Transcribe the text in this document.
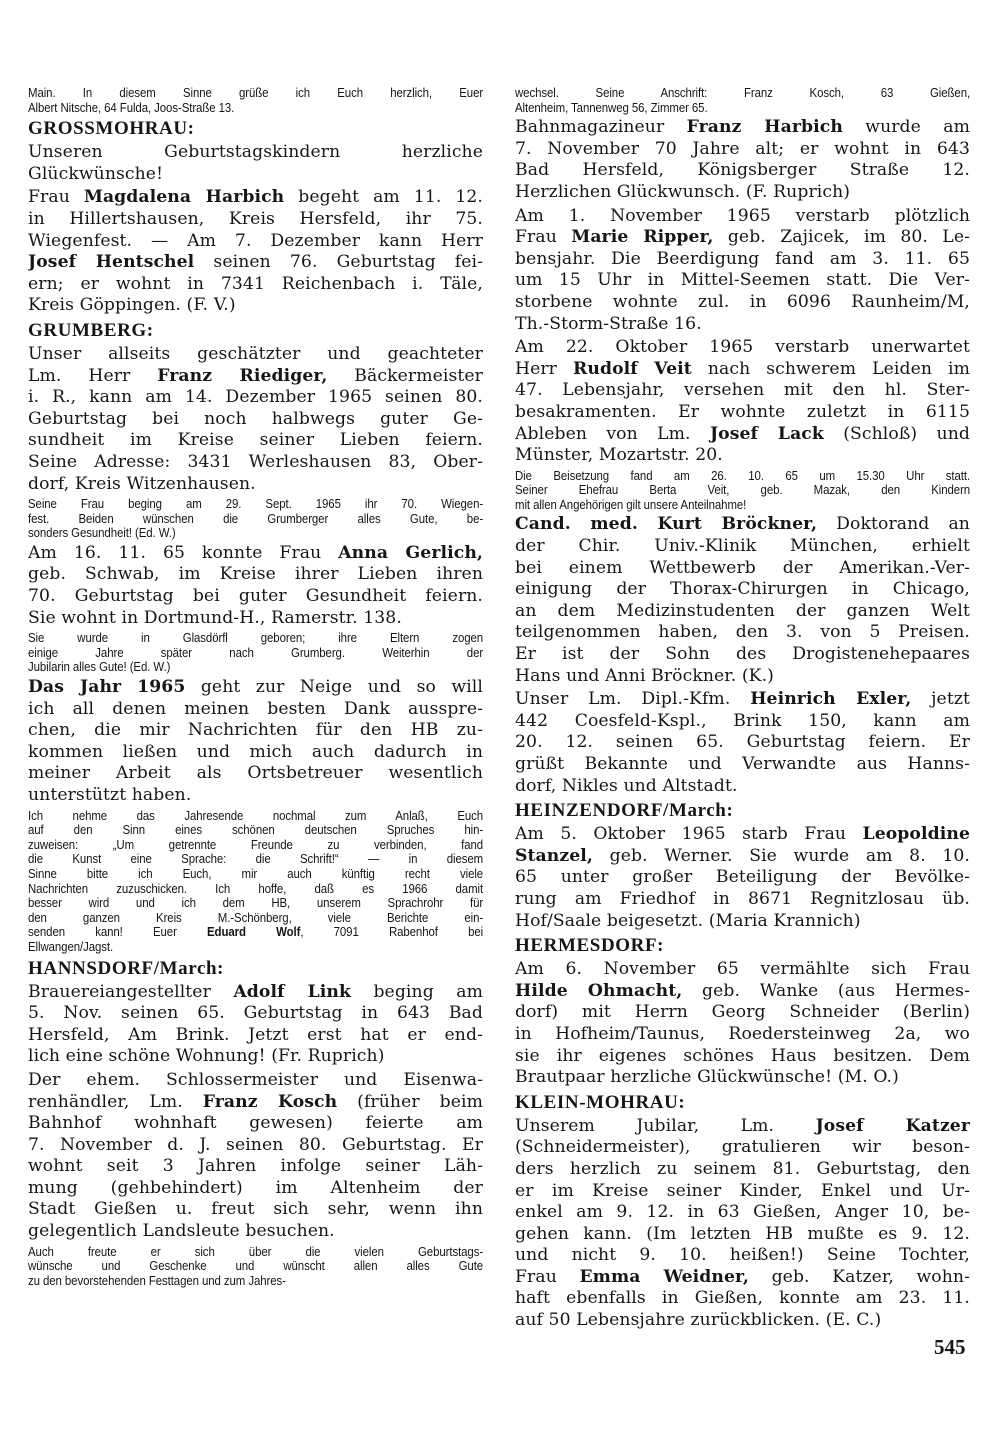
Main. In diesem Sinne grüße ich Euch herzlich, Euer
Albert Nitsche, 64 Fulda, Joos-Straße 13.
GROSSMOHRAU:
Unseren Geburtstagskindern herzliche
Glückwünsche!
Frau Magdalena Harbich begeht am 11. 12.
in Hillertshausen, Kreis Hersfeld, ihr 75.
Wiegenfest. — Am 7. Dezember kann Herr
Josef Hentschel seinen 76. Geburtstag fei-
ern; er wohnt in 7341 Reichenbach i. Täle,
Kreis Göppingen. (F. V.)
GRUMBERG:
Unser allseits geschätzter und geachteter
Lm. Herr Franz Riediger, Bäckermeister
i. R., kann am 14. Dezember 1965 seinen 80.
Geburtstag bei noch halbwegs guter Ge-
sundheit im Kreise seiner Lieben feiern.
Seine Adresse: 3431 Werleshausen 83, Ober-
dorf, Kreis Witzenhausen.
Seine Frau beging am 29. Sept. 1965 ihr 70. Wiegen-
fest. Beiden wünschen die Grumberger alles Gute, be-
sonders Gesundheit! (Ed. W.)
Am 16. 11. 65 konnte Frau Anna Gerlich,
geb. Schwab, im Kreise ihrer Lieben ihren
70. Geburtstag bei guter Gesundheit feiern.
Sie wohnt in Dortmund-H., Ramerstr. 138.
Sie wurde in Glasdörfl geboren; ihre Eltern zogen
einige Jahre später nach Grumberg. Weiterhin der
Jubilarin alles Gute! (Ed. W.)
Das Jahr 1965 geht zur Neige und so will
ich all denen meinen besten Dank ausspre-
chen, die mir Nachrichten für den HB zu-
kommen ließen und mich auch dadurch in
meiner Arbeit als Ortsbetreuer wesentlich
unterstützt haben.
Ich nehme das Jahresende nochmal zum Anlaß, Euch
auf den Sinn eines schönen deutschen Spruches hin-
zuweisen: „Um getrennte Freunde zu verbinden, fand
die Kunst eine Sprache: die Schrift!“ — in diesem
Sinne bitte ich Euch, mir auch künftig recht viele
Nachrichten zuzuschicken. Ich hoffe, daß es 1966 damit
besser wird und ich dem HB, unserem Sprachrohr für
den ganzen Kreis M.-Schönberg, viele Berichte ein-
senden kann! Euer Eduard Wolf, 7091 Rabenhof bei
Ellwangen/Jagst.
HANNSDORF/March:
Brauereiangestellter Adolf Link beging am
5. Nov. seinen 65. Geburtstag in 643 Bad
Hersfeld, Am Brink. Jetzt erst hat er end-
lich eine schöne Wohnung! (Fr. Ruprich)
Der ehem. Schlossermeister und Eisenwa-
renhändler, Lm. Franz Kosch (früher beim
Bahnhof wohnhaft gewesen) feierte am
7. November d. J. seinen 80. Geburtstag. Er
wohnt seit 3 Jahren infolge seiner Läh-
mung (gehbehindert) im Altenheim der
Stadt Gießen u. freut sich sehr, wenn ihn
gelegentlich Landsleute besuchen.
Auch freute er sich über die vielen Geburtstags-
wünsche und Geschenke und wünscht allen alles Gute
zu den bevorstehenden Festtagen und zum Jahres-
wechsel. Seine Anschrift: Franz Kosch, 63 Gießen,
Altenheim, Tannenweg 56, Zimmer 65.
Bahnmagazineur Franz Harbich wurde am
7. November 70 Jahre alt; er wohnt in 643
Bad Hersfeld, Königsberger Straße 12.
Herzlichen Glückwunsch. (F. Ruprich)
Am 1. November 1965 verstarb plötzlich
Frau Marie Ripper, geb. Zajicek, im 80. Le-
bensjahr. Die Beerdigung fand am 3. 11. 65
um 15 Uhr in Mittel-Seemen statt. Die Ver-
storbene wohnte zul. in 6096 Raunheim/M,
Th.-Storm-Straße 16.
Am 22. Oktober 1965 verstarb unerwartet
Herr Rudolf Veit nach schwerem Leiden im
47. Lebensjahr, versehen mit den hl. Ster-
besakramenten. Er wohnte zuletzt in 6115
Ableben von Lm. Josef Lack (Schloß) und
Münster, Mozartstr. 20.
Die Beisetzung fand am 26. 10. 65 um 15.30 Uhr statt.
Seiner Ehefrau Berta Veit, geb. Mazak, den Kindern
mit allen Angehörigen gilt unsere Anteilnahme!
Cand. med. Kurt Bröckner, Doktorand an
der Chir. Univ.-Klinik München, erhielt
bei einem Wettbewerb der Amerikan.-Ver-
einigung der Thorax-Chirurgen in Chicago,
an dem Medizinstudenten der ganzen Welt
teilgenommen haben, den 3. von 5 Preisen.
Er ist der Sohn des Drogistenehepaares
Hans und Anni Bröckner. (K.)
Unser Lm. Dipl.-Kfm. Heinrich Exler, jetzt
442 Coesfeld-Kspl., Brink 150, kann am
20. 12. seinen 65. Geburtstag feiern. Er
grüßt Bekannte und Verwandte aus Hanns-
dorf, Nikles und Altstadt.
HEINZENDORF/March:
Am 5. Oktober 1965 starb Frau Leopoldine
Stanzel, geb. Werner. Sie wurde am 8. 10.
65 unter großer Beteiligung der Bevölke-
rung am Friedhof in 8671 Regnitzlosau üb.
Hof/Saale beigesetzt. (Maria Krannich)
HERMESDORF:
Am 6. November 65 vermählte sich Frau
Hilde Ohmacht, geb. Wanke (aus Hermes-
dorf) mit Herrn Georg Schneider (Berlin)
in Hofheim/Taunus, Roedersteinweg 2a, wo
sie ihr eigenes schönes Haus besitzen. Dem
Brautpaar herzliche Glückwünsche! (M. O.)
KLEIN-MOHRAU:
Unserem Jubilar, Lm. Josef Katzer
(Schneidermeister), gratulieren wir beson-
ders herzlich zu seinem 81. Geburtstag, den
er im Kreise seiner Kinder, Enkel und Ur-
enkel am 9. 12. in 63 Gießen, Anger 10, be-
gehen kann. (Im letzten HB mußte es 9. 12.
und nicht 9. 10. heißen!) Seine Tochter,
Frau Emma Weidner, geb. Katzer, wohn-
haft ebenfalls in Gießen, konnte am 23. 11.
auf 50 Lebensjahre zurückblicken. (E. C.)
545
